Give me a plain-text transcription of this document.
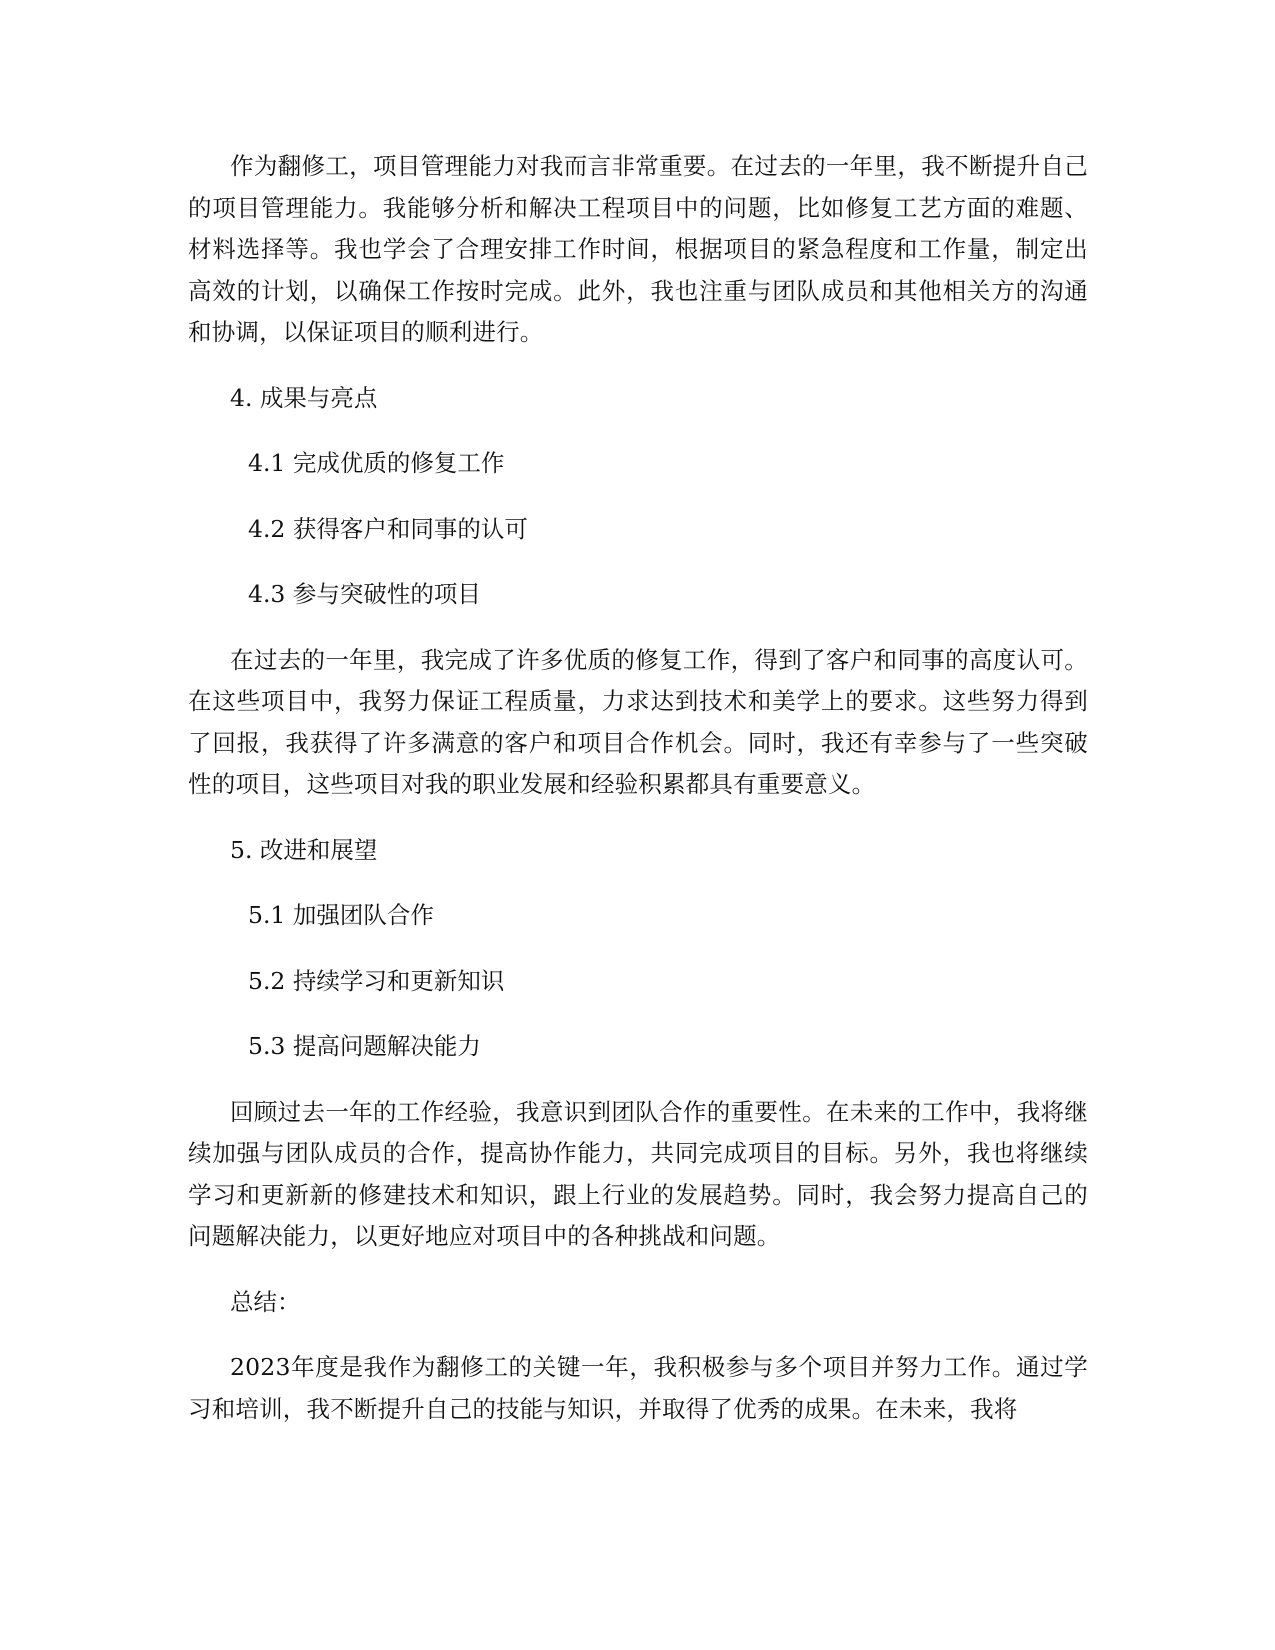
作为翻修工，项目管理能力对我而言非常重要。在过去的一年里，我不断提升自己的项目管理能力。我能够分析和解决工程项目中的问题，比如修复工艺方面的难题、材料选择等。我也学会了合理安排工作时间，根据项目的紧急程度和工作量，制定出高效的计划，以确保工作按时完成。此外，我也注重与团队成员和其他相关方的沟通和协调，以保证项目的顺利进行。

4. 成果与亮点

4.1 完成优质的修复工作

4.2 获得客户和同事的认可

4.3 参与突破性的项目

在过去的一年里，我完成了许多优质的修复工作，得到了客户和同事的高度认可。在这些项目中，我努力保证工程质量，力求达到技术和美学上的要求。这些努力得到了回报，我获得了许多满意的客户和项目合作机会。同时，我还有幸参与了一些突破性的项目，这些项目对我的职业发展和经验积累都具有重要意义。

5. 改进和展望

5.1 加强团队合作

5.2 持续学习和更新知识

5.3 提高问题解决能力

回顾过去一年的工作经验，我意识到团队合作的重要性。在未来的工作中，我将继续加强与团队成员的合作，提高协作能力，共同完成项目的目标。另外，我也将继续学习和更新新的修建技术和知识，跟上行业的发展趋势。同时，我会努力提高自己的问题解决能力，以更好地应对项目中的各种挑战和问题。

总结：

2023年度是我作为翻修工的关键一年，我积极参与多个项目并努力工作。通过学习和培训，我不断提升自己的技能与知识，并取得了优秀的成果。在未来，我将
